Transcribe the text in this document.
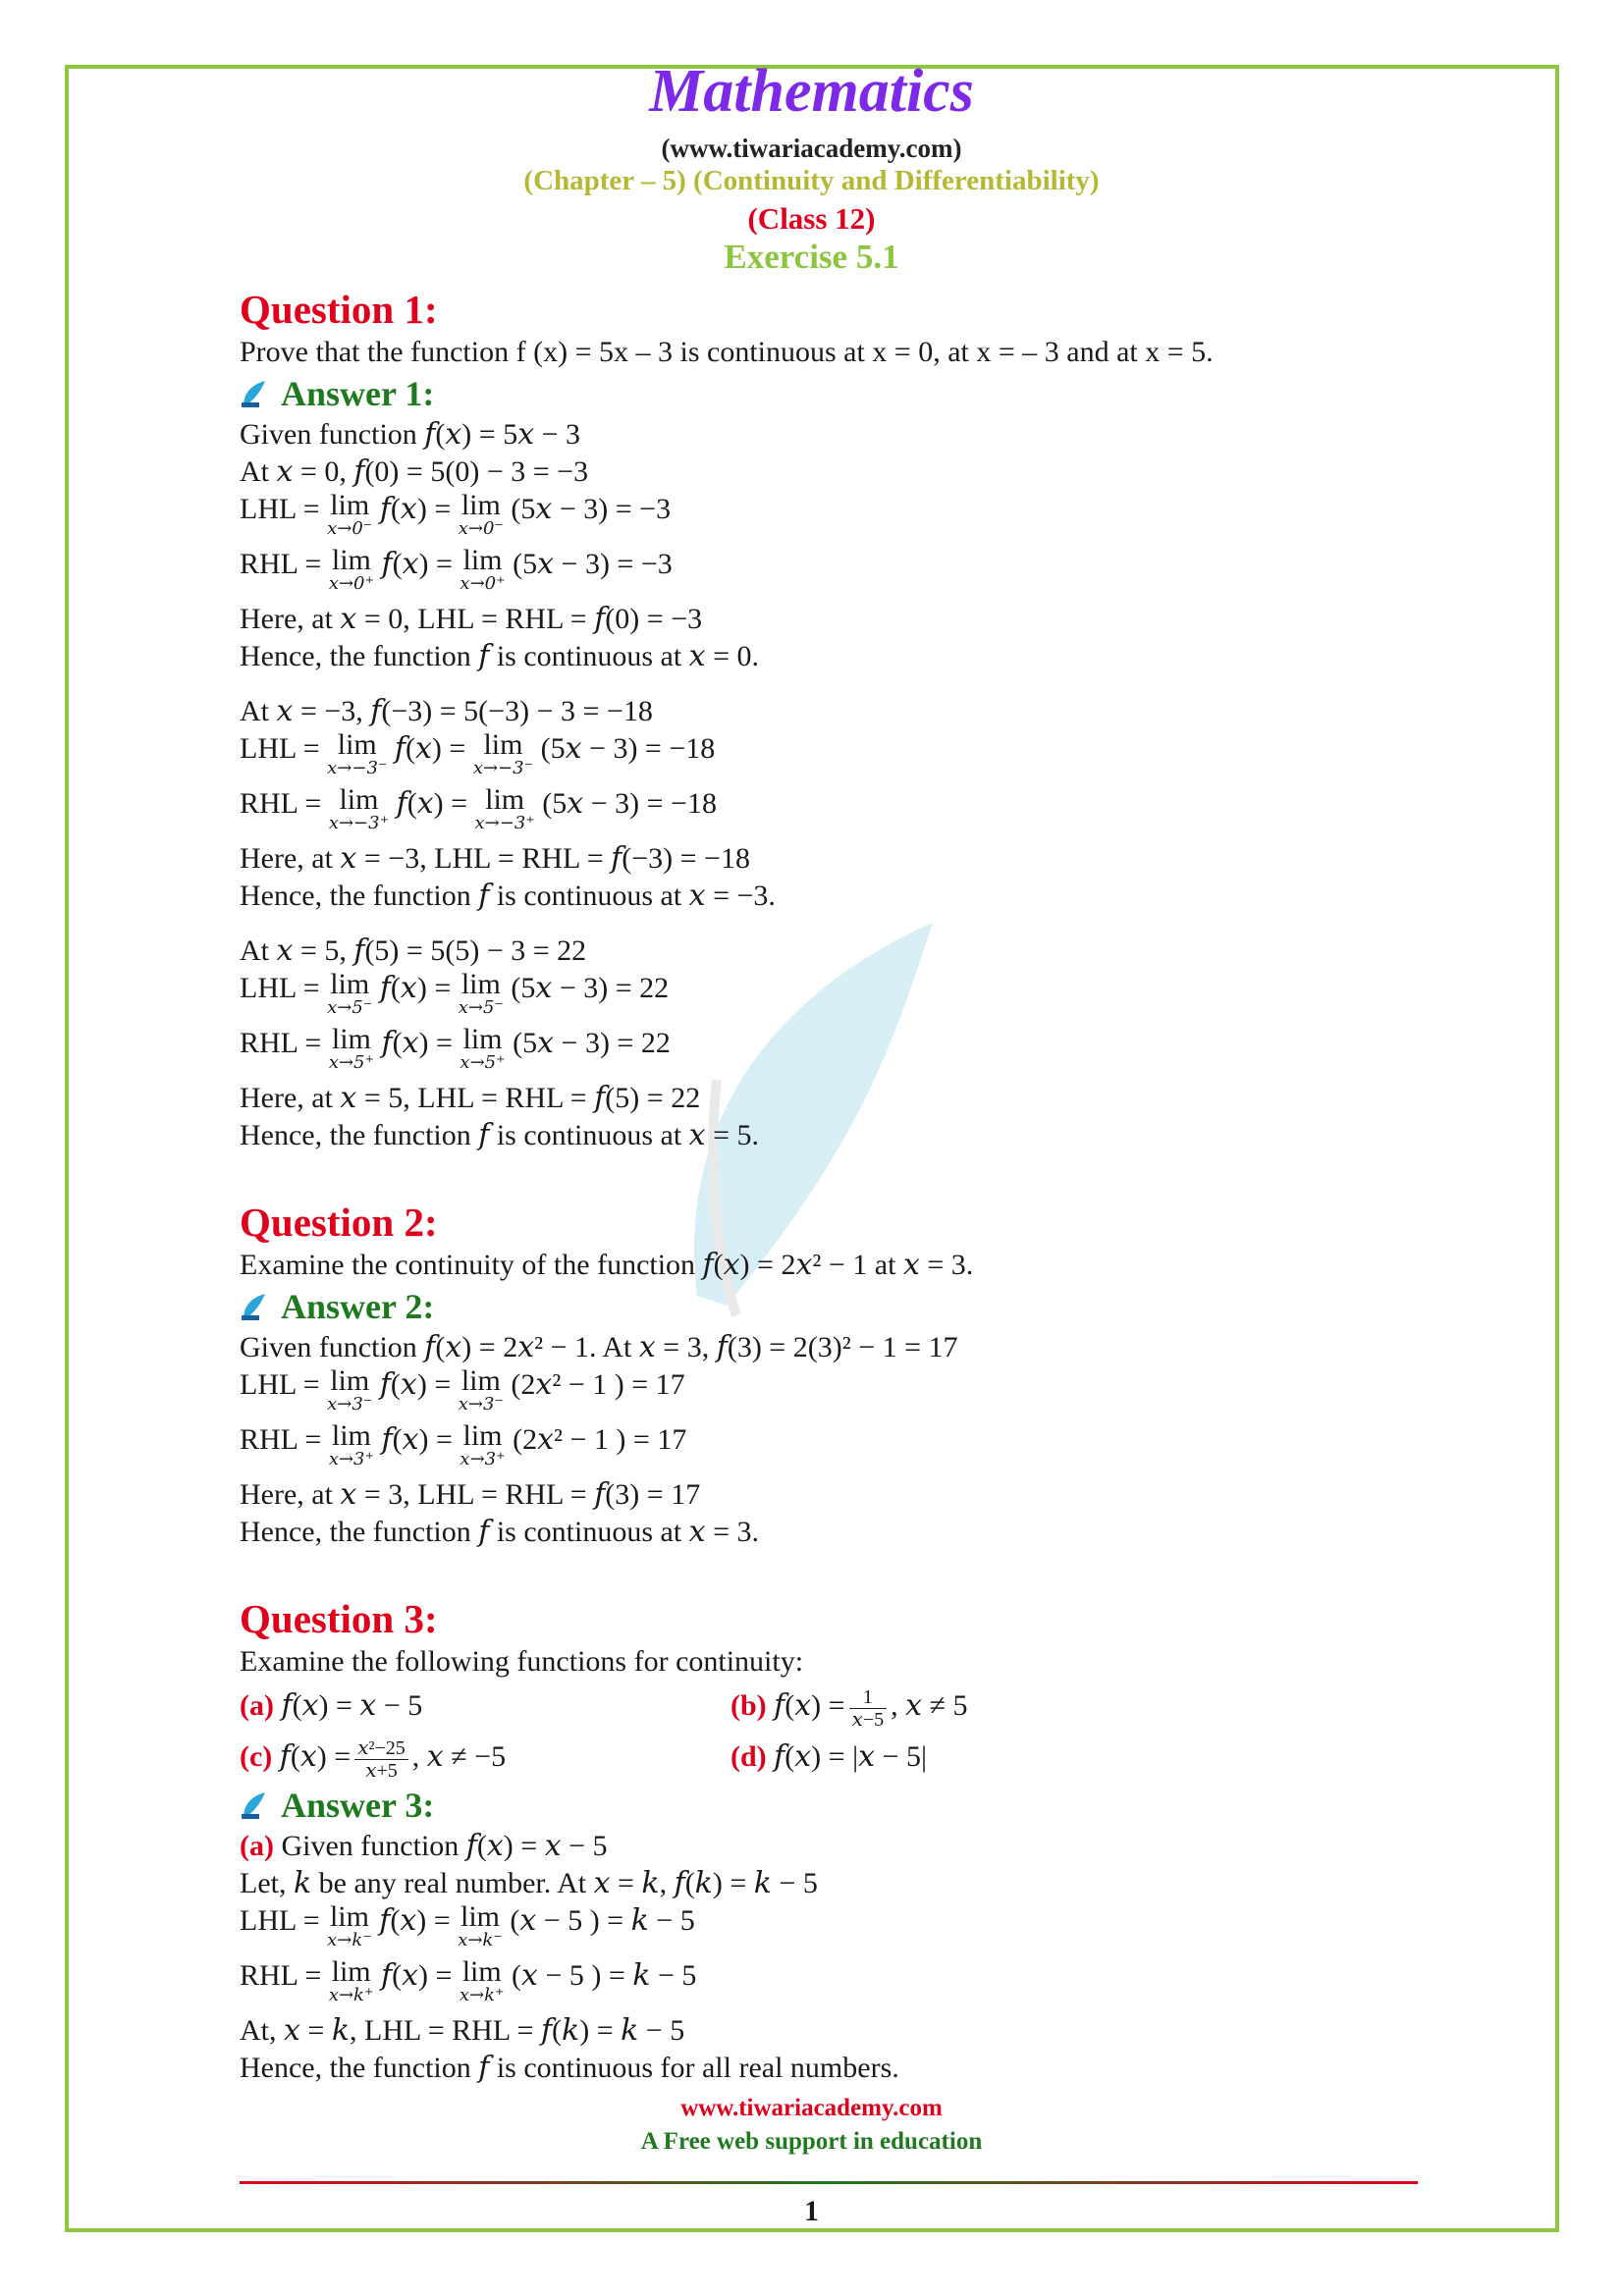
Mathematics
(www.tiwariacademy.com)
(Chapter – 5) (Continuity and Differentiability)
(Class 12)
Exercise 5.1
Question 1:
Prove that the function f (x) = 5x – 3 is continuous at x = 0, at x = – 3 and at x = 5.
Answer 1:
Given function 𝑓(𝑥) = 5𝑥 − 3
At 𝑥 = 0, 𝑓(0) = 5(0) − 3 = −3
LHL = lim
𝑥→0⁻
𝑓(𝑥) = lim
𝑥→0⁻
(5𝑥 − 3) = −3
RHL = lim
𝑥→0⁺
𝑓(𝑥) = lim
𝑥→0⁺
(5𝑥 − 3) = −3
Here, at 𝑥 = 0, LHL = RHL = 𝑓(0) = −3
Hence, the function 𝑓 is continuous at 𝑥 = 0.
At 𝑥 = −3, 𝑓(−3) = 5(−3) − 3 = −18
LHL = lim
𝑥→−3⁻
𝑓(𝑥) = lim
𝑥→−3⁻
(5𝑥 − 3) = −18
RHL = lim
𝑥→−3⁺
𝑓(𝑥) = lim
𝑥→−3⁺
(5𝑥 − 3) = −18
Here, at 𝑥 = −3, LHL = RHL = 𝑓(−3) = −18
Hence, the function 𝑓 is continuous at 𝑥 = −3.
At 𝑥 = 5, 𝑓(5) = 5(5) − 3 = 22
LHL = lim
𝑥→5⁻
𝑓(𝑥) = lim
𝑥→5⁻
(5𝑥 − 3) = 22
RHL = lim
𝑥→5⁺
𝑓(𝑥) = lim
𝑥→5⁺
(5𝑥 − 3) = 22
Here, at 𝑥 = 5, LHL = RHL = 𝑓(5) = 22
Hence, the function 𝑓 is continuous at 𝑥 = 5.
Question 2:
Examine the continuity of the function 𝑓(𝑥) = 2𝑥² − 1 at 𝑥 = 3.
Answer 2:
Given function 𝑓(𝑥) = 2𝑥² − 1. At 𝑥 = 3, 𝑓(3) = 2(3)² − 1 = 17
LHL = lim
𝑥→3⁻
𝑓(𝑥) = lim
𝑥→3⁻
(2𝑥² − 1 ) = 17
RHL = lim
𝑥→3⁺
𝑓(𝑥) = lim
𝑥→3⁺
(2𝑥² − 1 ) = 17
Here, at 𝑥 = 3, LHL = RHL = 𝑓(3) = 17
Hence, the function 𝑓 is continuous at 𝑥 = 3.
Question 3:
Examine the following functions for continuity:
(a) 𝑓(𝑥) = 𝑥 − 5	(b) 𝑓(𝑥) = $\frac{1}{\text{𝑥−5}}$ , 𝑥 ≠ 5
(c) 𝑓(𝑥) = $\frac{\text{𝑥²−25}}{\text{𝑥+5}}$ , 𝑥 ≠ −5	(d) 𝑓(𝑥) = |𝑥 − 5|
Answer 3:
(a) Given function 𝑓(𝑥) = 𝑥 − 5
Let, 𝑘 be any real number. At 𝑥 = 𝑘, 𝑓(𝑘) = 𝑘 − 5
LHL = lim
𝑥→𝑘⁻
𝑓(𝑥) = lim
𝑥→𝑘⁻
(𝑥 − 5 ) = 𝑘 − 5
RHL = lim
𝑥→𝑘⁺
𝑓(𝑥) = lim
𝑥→𝑘⁺
(𝑥 − 5 ) = 𝑘 − 5
At, 𝑥 = 𝑘, LHL = RHL = 𝑓(𝑘) = 𝑘 − 5
Hence, the function 𝑓 is continuous for all real numbers.
www.tiwariacademy.com
A Free web support in education
1
